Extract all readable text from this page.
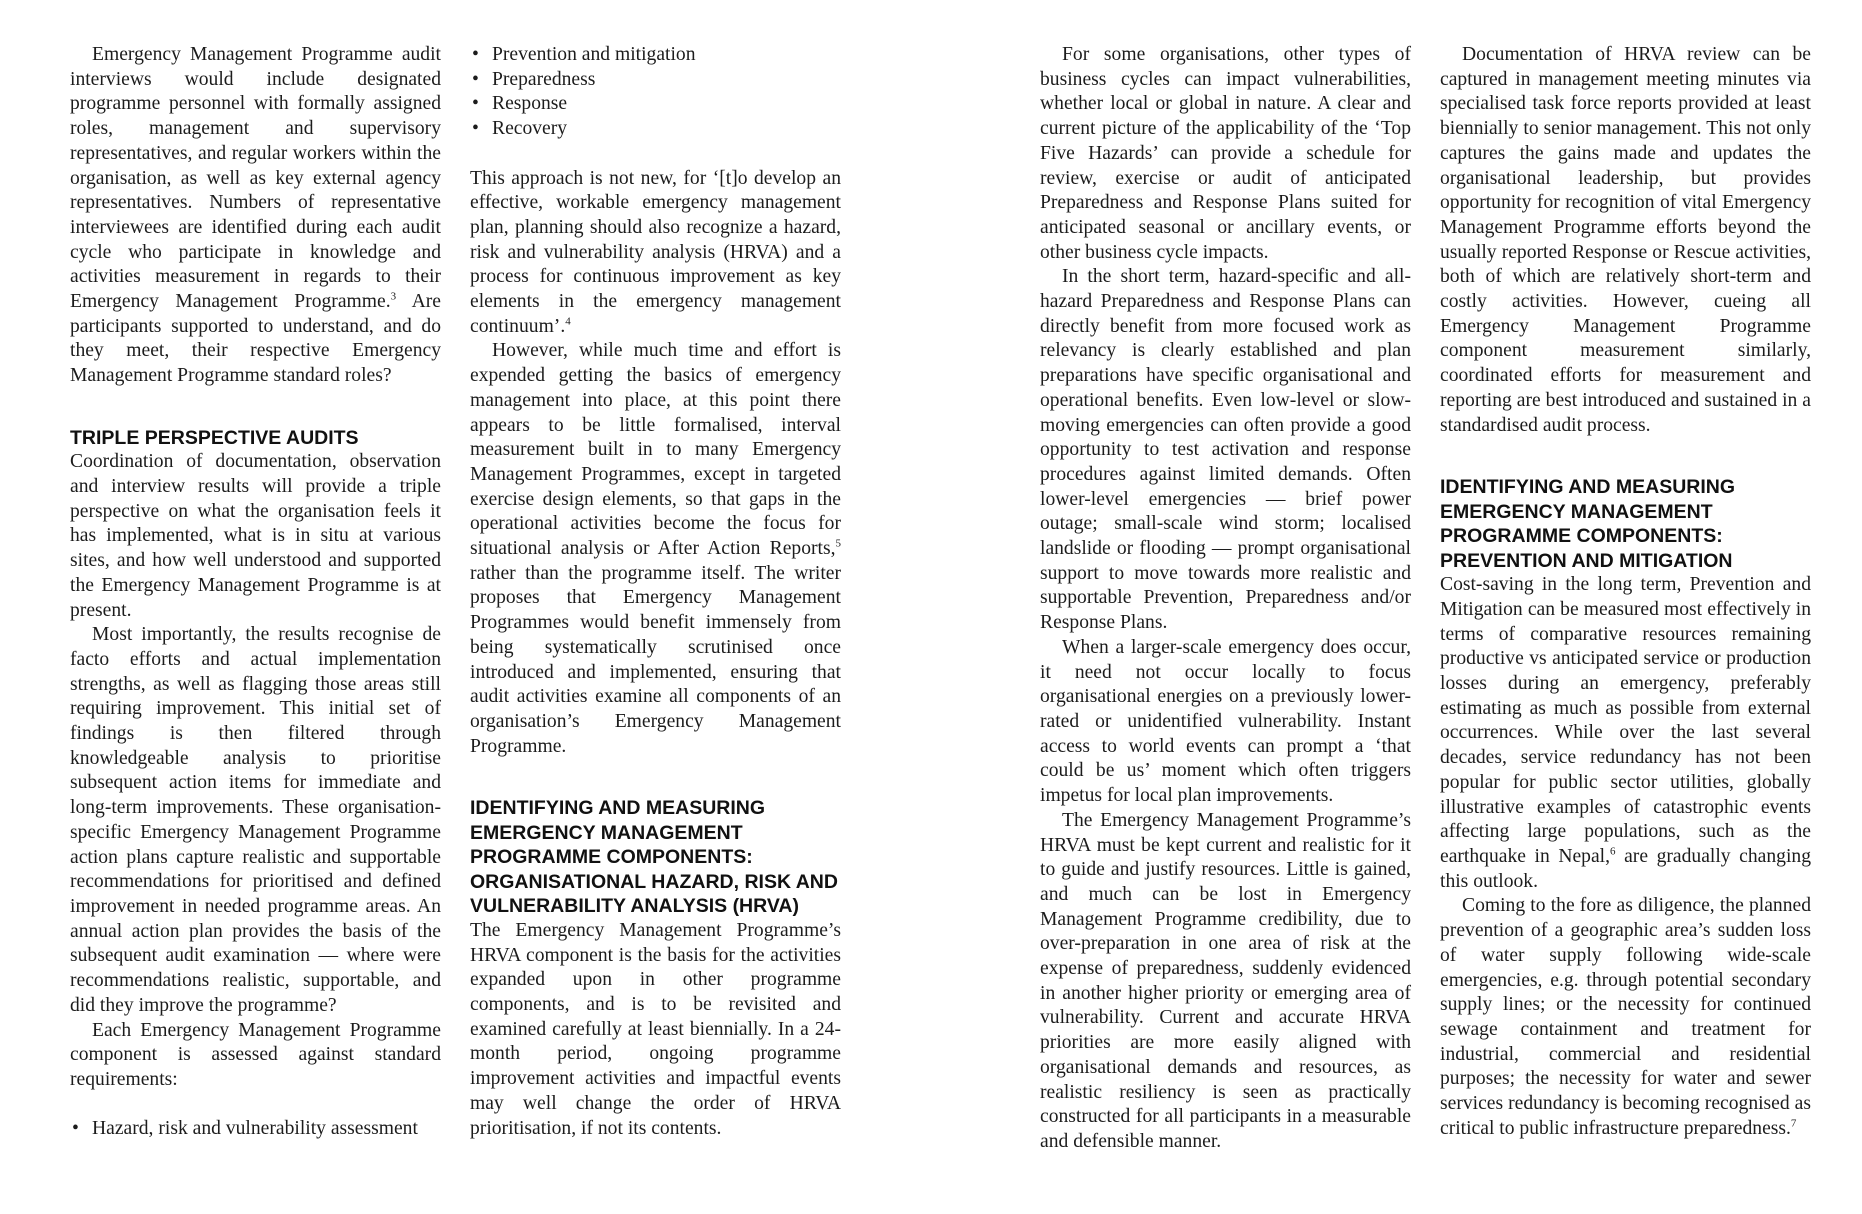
Emergency Management Programme audit interviews would include designated programme personnel with formally assigned roles, management and supervisory representatives, and regular workers within the organisation, as well as key external agency representatives. Numbers of representative interviewees are identified during each audit cycle who participate in knowledge and activities measurement in regards to their Emergency Management Programme.$^3$ Are participants supported to understand, and do they meet, their respective Emergency Management Programme standard roles?

TRIPLE PERSPECTIVE AUDITS

Coordination of documentation, observation and interview results will provide a triple perspective on what the organisation feels it has implemented, what is in situ at various sites, and how well understood and supported the Emergency Management Programme is at present.

Most importantly, the results recognise de facto efforts and actual implementation strengths, as well as flagging those areas still requiring improvement. This initial set of findings is then filtered through knowledgeable analysis to prioritise subsequent action items for immediate and long-term improvements. These organisation-specific Emergency Management Programme action plans capture realistic and supportable recommendations for prioritised and defined improvement in needed programme areas. An annual action plan provides the basis of the subsequent audit examination — where were recommendations realistic, supportable, and did they improve the programme?

Each Emergency Management Programme component is assessed against standard requirements:

• Hazard, risk and vulnerability assessment
• Prevention and mitigation
• Preparedness
• Response
• Recovery

This approach is not new, for ‘[t]o develop an effective, workable emergency management plan, planning should also recognize a hazard, risk and vulnerability analysis (HRVA) and a process for continuous improvement as key elements in the emergency management continuum’.$^4$

However, while much time and effort is expended getting the basics of emergency management into place, at this point there appears to be little formalised, interval measurement built in to many Emergency Management Programmes, except in targeted exercise design elements, so that gaps in the operational activities become the focus for situational analysis or After Action Reports,$^5$ rather than the programme itself. The writer proposes that Emergency Management Programmes would benefit immensely from being systematically scrutinised once introduced and implemented, ensuring that audit activities examine all components of an organisation’s Emergency Management Programme.

IDENTIFYING AND MEASURING EMERGENCY MANAGEMENT PROGRAMME COMPONENTS: ORGANISATIONAL HAZARD, RISK AND VULNERABILITY ANALYSIS (HRVA)

The Emergency Management Programme’s HRVA component is the basis for the activities expanded upon in other programme components, and is to be revisited and examined carefully at least biennially. In a 24-month period, ongoing programme improvement activities and impactful events may well change the order of HRVA prioritisation, if not its contents.

For some organisations, other types of business cycles can impact vulnerabilities, whether local or global in nature. A clear and current picture of the applicability of the ‘Top Five Hazards’ can provide a schedule for review, exercise or audit of anticipated Preparedness and Response Plans suited for anticipated seasonal or ancillary events, or other business cycle impacts.

In the short term, hazard-specific and all-hazard Preparedness and Response Plans can directly benefit from more focused work as relevancy is clearly established and plan preparations have specific organisational and operational benefits. Even low-level or slow-moving emergencies can often provide a good opportunity to test activation and response procedures against limited demands. Often lower-level emergencies — brief power outage; small-scale wind storm; localised landslide or flooding — prompt organisational support to move towards more realistic and supportable Prevention, Preparedness and/or Response Plans.

When a larger-scale emergency does occur, it need not occur locally to focus organisational energies on a previously lower-rated or unidentified vulnerability. Instant access to world events can prompt a ‘that could be us’ moment which often triggers impetus for local plan improvements.

The Emergency Management Programme’s HRVA must be kept current and realistic for it to guide and justify resources. Little is gained, and much can be lost in Emergency Management Programme credibility, due to over-preparation in one area of risk at the expense of preparedness, suddenly evidenced in another higher priority or emerging area of vulnerability. Current and accurate HRVA priorities are more easily aligned with organisational demands and resources, as realistic resiliency is seen as practically constructed for all participants in a measurable and defensible manner.

Documentation of HRVA review can be captured in management meeting minutes via specialised task force reports provided at least biennially to senior management. This not only captures the gains made and updates the organisational leadership, but provides opportunity for recognition of vital Emergency Management Programme efforts beyond the usually reported Response or Rescue activities, both of which are relatively short-term and costly activities. However, cueing all Emergency Management Programme component measurement similarly, coordinated efforts for measurement and reporting are best introduced and sustained in a standardised audit process.

IDENTIFYING AND MEASURING EMERGENCY MANAGEMENT PROGRAMME COMPONENTS: PREVENTION AND MITIGATION

Cost-saving in the long term, Prevention and Mitigation can be measured most effectively in terms of comparative resources remaining productive vs anticipated service or production losses during an emergency, preferably estimating as much as possible from external occurrences. While over the last several decades, service redundancy has not been popular for public sector utilities, globally illustrative examples of catastrophic events affecting large populations, such as the earthquake in Nepal,$^6$ are gradually changing this outlook.

Coming to the fore as diligence, the planned prevention of a geographic area’s sudden loss of water supply following wide-scale emergencies, e.g. through potential secondary supply lines; or the necessity for continued sewage containment and treatment for industrial, commercial and residential purposes; the necessity for water and sewer services redundancy is becoming recognised as critical to public infrastructure preparedness.$^7$
